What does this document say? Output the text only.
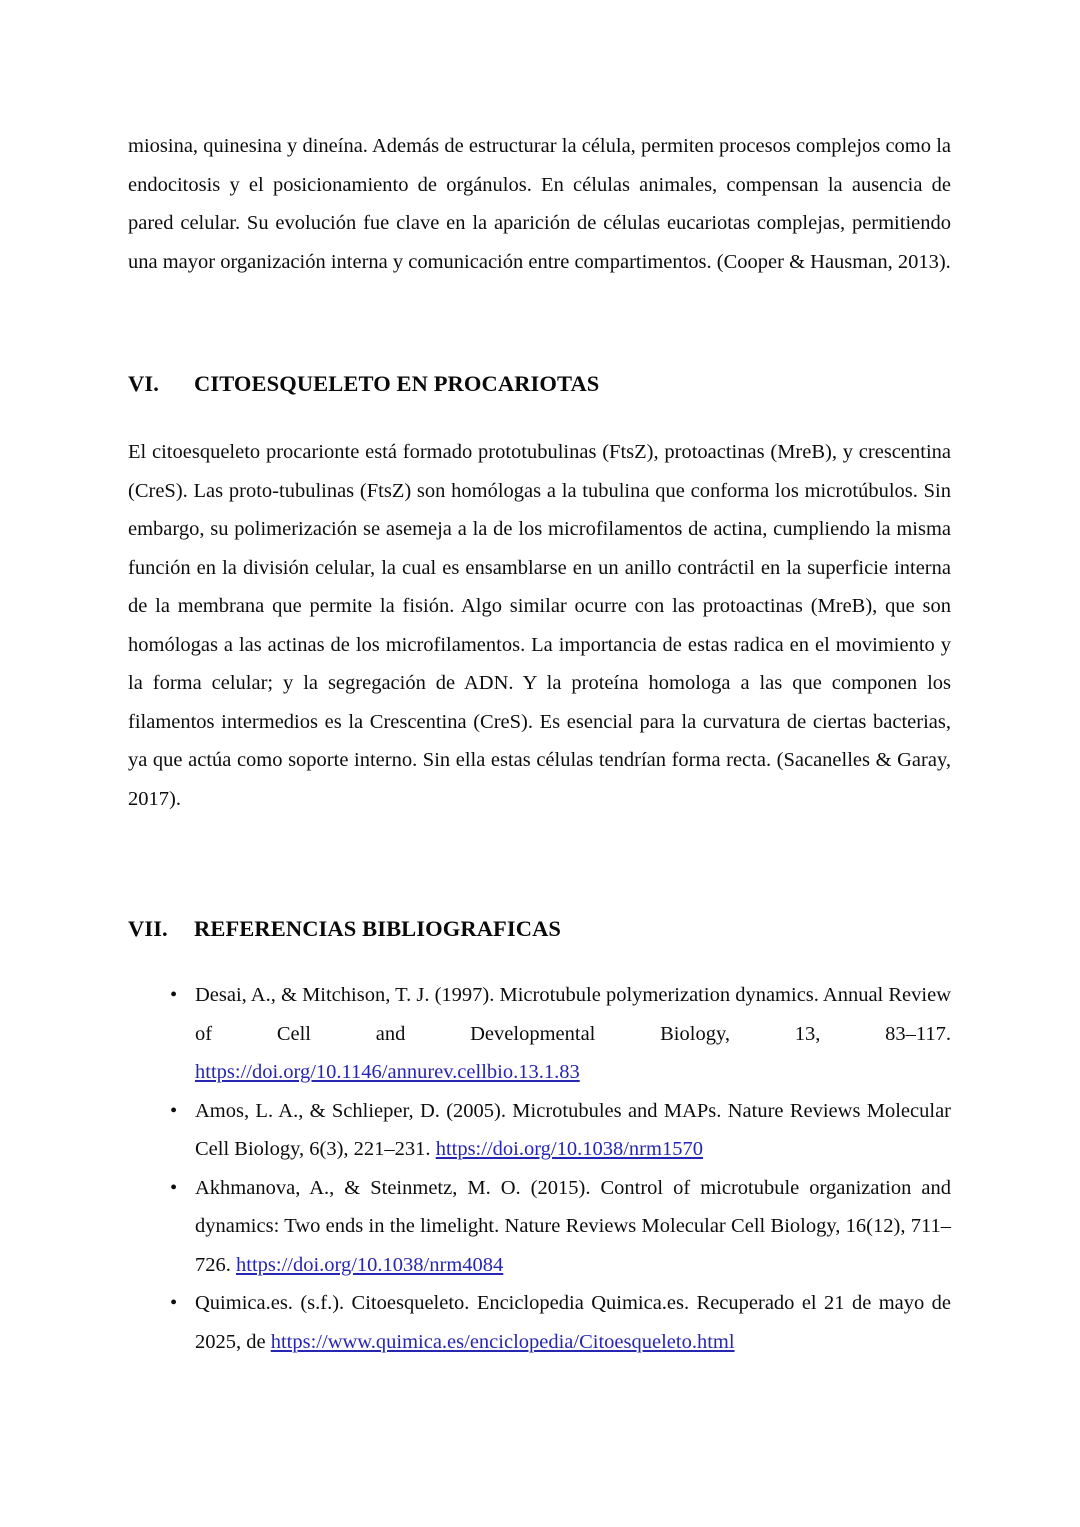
miosina, quinesina y dineína. Además de estructurar la célula, permiten procesos complejos como la endocitosis y el posicionamiento de orgánulos. En células animales, compensan la ausencia de pared celular. Su evolución fue clave en la aparición de células eucariotas complejas, permitiendo una mayor organización interna y comunicación entre compartimentos. (Cooper & Hausman, 2013).

VI.	CITOESQUELETO EN PROCARIOTAS

El citoesqueleto procarionte está formado prototubulinas (FtsZ), protoactinas (MreB), y crescentina (CreS). Las proto-tubulinas (FtsZ) son homólogas a la tubulina que conforma los microtúbulos. Sin embargo, su polimerización se asemeja a la de los microfilamentos de actina, cumpliendo la misma función en la división celular, la cual es ensamblarse en un anillo contráctil en la superficie interna de la membrana que permite la fisión. Algo similar ocurre con las protoactinas (MreB), que son homólogas a las actinas de los microfilamentos. La importancia de estas radica en el movimiento y la forma celular; y la segregación de ADN. Y la proteína homologa a las que componen los filamentos intermedios es la Crescentina (CreS). Es esencial para la curvatura de ciertas bacterias, ya que actúa como soporte interno. Sin ella estas células tendrían forma recta. (Sacanelles & Garay, 2017).

VII.	REFERENCIAS BIBLIOGRAFICAS
• Desai, A., & Mitchison, T. J. (1997). Microtubule polymerization dynamics. Annual Review of Cell and Developmental Biology, 13, 83–117.
https://doi.org/10.1146/annurev.cellbio.13.1.83
• Amos, L. A., & Schlieper, D. (2005). Microtubules and MAPs. Nature Reviews Molecular Cell Biology, 6(3), 221–231. https://doi.org/10.1038/nrm1570
• Akhmanova, A., & Steinmetz, M. O. (2015). Control of microtubule organization and dynamics: Two ends in the limelight. Nature Reviews Molecular Cell Biology, 16(12), 711–726. https://doi.org/10.1038/nrm4084
• Quimica.es. (s.f.). Citoesqueleto. Enciclopedia Quimica.es. Recuperado el 21 de mayo de 2025, de https://www.quimica.es/enciclopedia/Citoesqueleto.html
